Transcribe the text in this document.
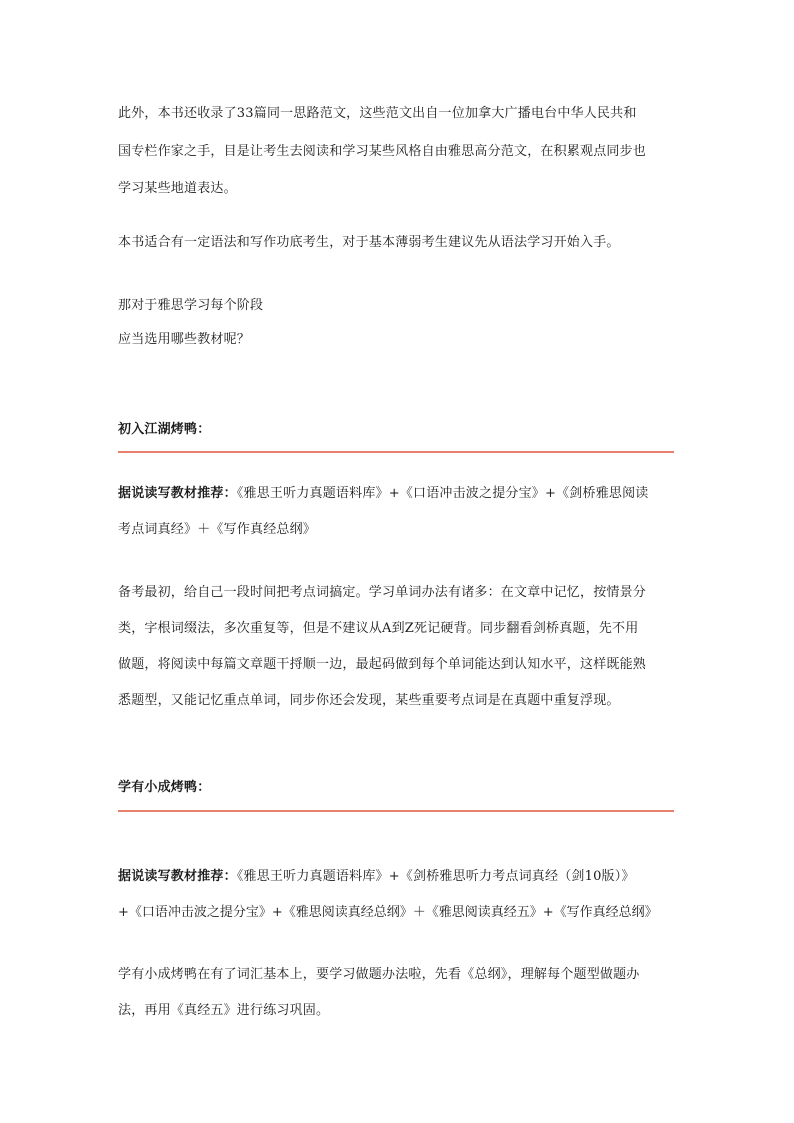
此外，本书还收录了33篇同一思路范文，这些范文出自一位加拿大广播电台中华人民共和
国专栏作家之手，目是让考生去阅读和学习某些风格自由雅思高分范文，在积累观点同步也
学习某些地道表达。
本书适合有一定语法和写作功底考生，对于基本薄弱考生建议先从语法学习开始入手。
那对于雅思学习每个阶段
应当选用哪些教材呢？
初入江湖烤鸭：
据说读写教材推荐：《雅思王听力真题语料库》+《口语冲击波之提分宝》+《剑桥雅思阅读
考点词真经》＋《写作真经总纲》
备考最初，给自己一段时间把考点词搞定。学习单词办法有诸多：在文章中记忆，按情景分
类，字根词缀法，多次重复等，但是不建议从A到Z死记硬背。同步翻看剑桥真题，先不用
做题，将阅读中每篇文章题干捋顺一边，最起码做到每个单词能达到认知水平，这样既能熟
悉题型，又能记忆重点单词，同步你还会发现，某些重要考点词是在真题中重复浮现。
学有小成烤鸭：
据说读写教材推荐：《雅思王听力真题语料库》+《剑桥雅思听力考点词真经（剑10版）》
+《口语冲击波之提分宝》+《雅思阅读真经总纲》＋《雅思阅读真经五》+《写作真经总纲》
学有小成烤鸭在有了词汇基本上，要学习做题办法啦，先看《总纲》，理解每个题型做题办
法，再用《真经五》进行练习巩固。
